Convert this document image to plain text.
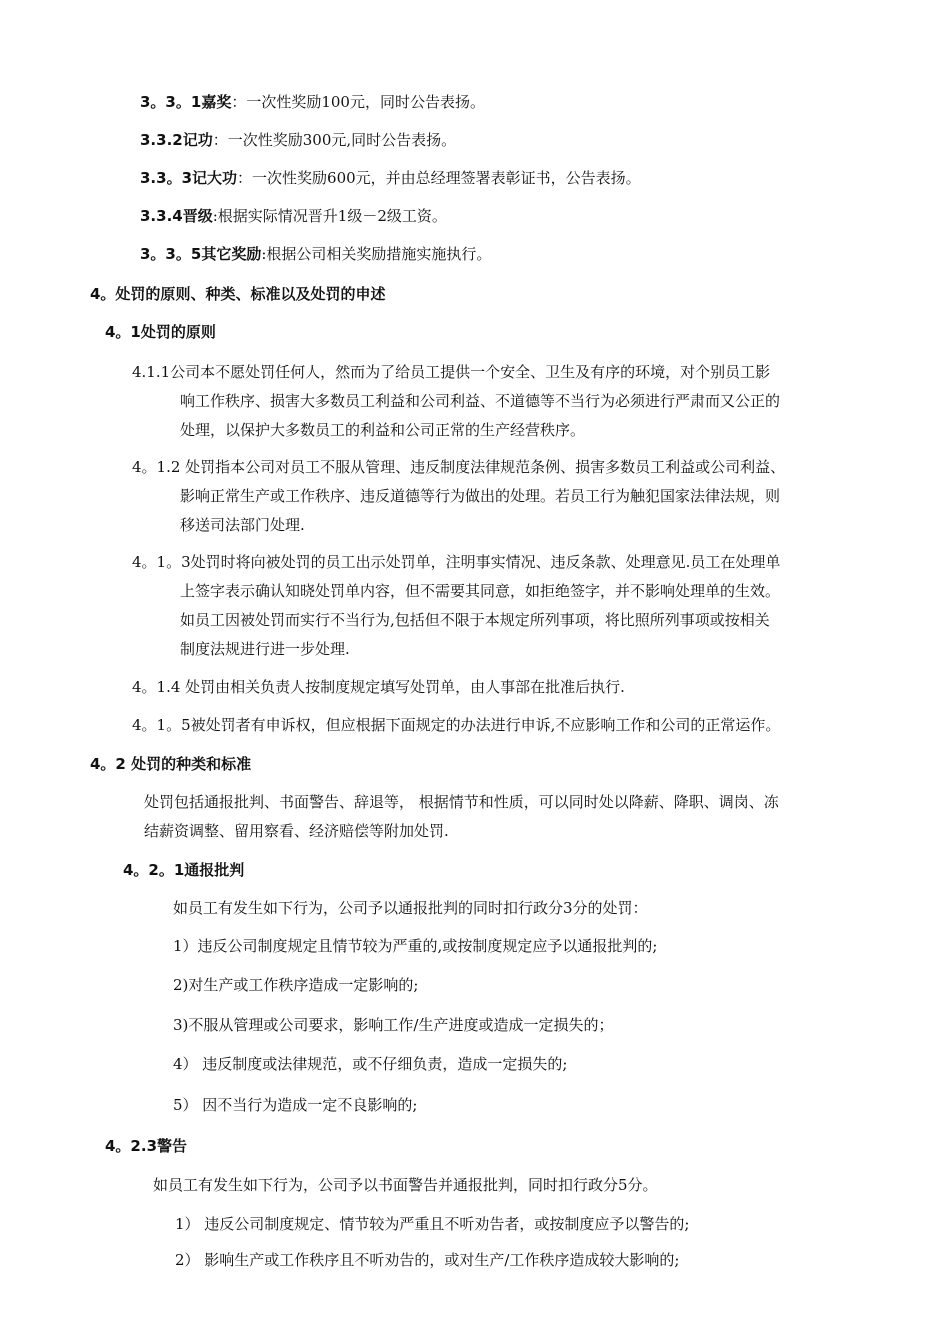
3。3。1嘉奖：一次性奖励100元，同时公告表扬。
3.3.2记功：一次性奖励300元,同时公告表扬。
3.3。3记大功：一次性奖励600元，并由总经理签署表彰证书，公告表扬。
3.3.4晋级:根据实际情况晋升1级－2级工资。
3。3。5其它奖励:根据公司相关奖励措施实施执行。
4。处罚的原则、种类、标准以及处罚的申述
4。1处罚的原则
4.1.1公司本不愿处罚任何人，然而为了给员工提供一个安全、卫生及有序的环境，对个别员工影
响工作秩序、损害大多数员工利益和公司利益、不道德等不当行为必须进行严肃而又公正的
处理，以保护大多数员工的利益和公司正常的生产经营秩序。
4。1.2 处罚指本公司对员工不服从管理、违反制度法律规范条例、损害多数员工利益或公司利益、
影响正常生产或工作秩序、违反道德等行为做出的处理。若员工行为触犯国家法律法规，则
移送司法部门处理.
4。1。3处罚时将向被处罚的员工出示处罚单，注明事实情况、违反条款、处理意见.员工在处理单
上签字表示确认知晓处罚单内容，但不需要其同意，如拒绝签字，并不影响处理单的生效。
如员工因被处罚而实行不当行为,包括但不限于本规定所列事项，将比照所列事项或按相关
制度法规进行进一步处理.
4。1.4 处罚由相关负责人按制度规定填写处罚单，由人事部在批准后执行.
4。1。5被处罚者有申诉权，但应根据下面规定的办法进行申诉,不应影响工作和公司的正常运作。
4。2 处罚的种类和标准
处罚包括通报批判、书面警告、辞退等， 根据情节和性质，可以同时处以降薪、降职、调岗、冻
结薪资调整、留用察看、经济赔偿等附加处罚.
4。2。1通报批判
如员工有发生如下行为，公司予以通报批判的同时扣行政分3分的处罚：
1）违反公司制度规定且情节较为严重的,或按制度规定应予以通报批判的;
2)对生产或工作秩序造成一定影响的;
3)不服从管理或公司要求，影响工作/生产进度或造成一定损失的；
4） 违反制度或法律规范，或不仔细负责，造成一定损失的;
5） 因不当行为造成一定不良影响的;
4。2.3警告
如员工有发生如下行为，公司予以书面警告并通报批判，同时扣行政分5分。
1） 违反公司制度规定、情节较为严重且不听劝告者，或按制度应予以警告的;
2） 影响生产或工作秩序且不听劝告的，或对生产/工作秩序造成较大影响的;
